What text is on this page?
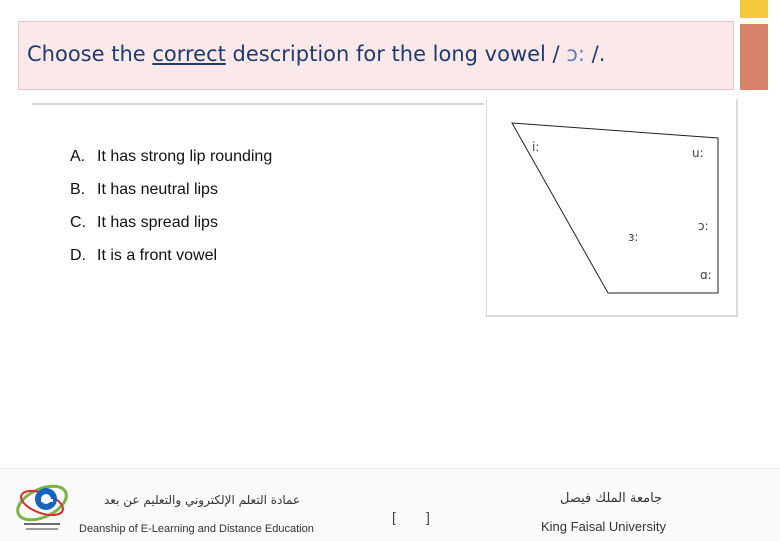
Choose the correct description for the long vowel / ɔ: /.
A. It has strong lip rounding
B. It has neutral lips
C. It has spread lips
D. It is a front vowel
i:	u:
ɔ:
ɜ:
ɑ:
عمادة التعلم الإلكتروني والتعليم عن بعد
Deanship of E-Learning and Distance Education
[ ]
جامعة الملك فيصل
King Faisal University
